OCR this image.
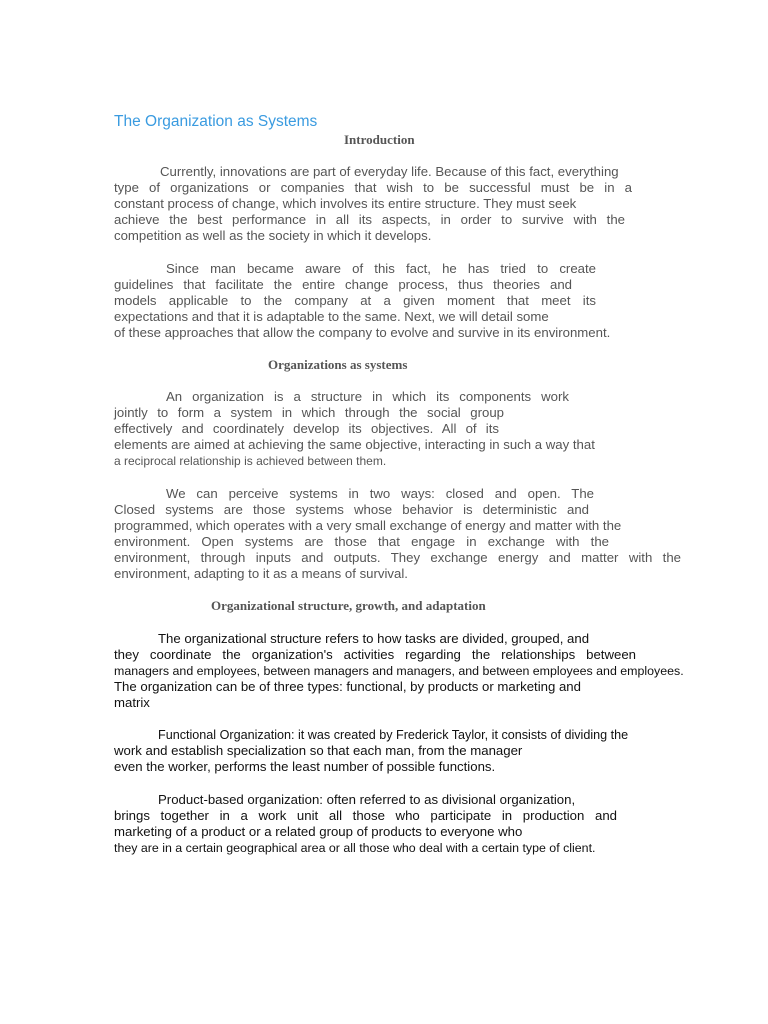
The Organization as Systems
Introduction
Currently, innovations are part of everyday life. Because of this fact, everything
type of organizations or companies that wish to be successful must be in a
constant process of change, which involves its entire structure. They must seek
achieve the best performance in all its aspects, in order to survive with the
competition as well as the society in which it develops.
Since man became aware of this fact, he has tried to create
guidelines that facilitate the entire change process, thus theories and
models applicable to the company at a given moment that meet its
expectations and that it is adaptable to the same. Next, we will detail some
of these approaches that allow the company to evolve and survive in its environment.
Organizations as systems
An organization is a structure in which its components work
jointly to form a system in which through the social group
effectively and coordinately develop its objectives. All of its
elements are aimed at achieving the same objective, interacting in such a way that
a reciprocal relationship is achieved between them.
We can perceive systems in two ways: closed and open. The
Closed systems are those systems whose behavior is deterministic and
programmed, which operates with a very small exchange of energy and matter with the
environment. Open systems are those that engage in exchange with the
environment, through inputs and outputs. They exchange energy and matter with the
environment, adapting to it as a means of survival.
Organizational structure, growth, and adaptation
The organizational structure refers to how tasks are divided, grouped, and
they coordinate the organization's activities regarding the relationships between
managers and employees, between managers and managers, and between employees and employees.
The organization can be of three types: functional, by products or marketing and
matrix
Functional Organization: it was created by Frederick Taylor, it consists of dividing the
work and establish specialization so that each man, from the manager
even the worker, performs the least number of possible functions.
Product-based organization: often referred to as divisional organization,
brings together in a work unit all those who participate in production and
marketing of a product or a related group of products to everyone who
they are in a certain geographical area or all those who deal with a certain type of client.
